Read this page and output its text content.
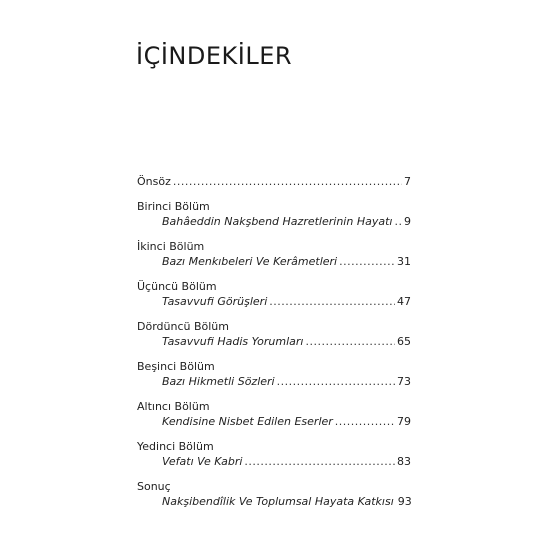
İÇİNDEKİLER
Önsöz .....	7
Birinci Bölüm
Bahâeddin Nakşbend Hazretlerinin Hayatı ..... 9
İkinci Bölüm
Bazı Menkıbeleri Ve Kerâmetleri .....	31
Üçüncü Bölüm
Tasavvufi Görüşleri .....	47
Dördüncü Bölüm
Tasavvufi Hadis Yorumları .....	65
Beşinci Bölüm
Bazı Hikmetli Sözleri .....	73
Altıncı Bölüm
Kendisine Nisbet Edilen Eserler .....	79
Yedinci Bölüm
Vefatı Ve Kabri .....	83
Sonuç
Nakşibendîlik Ve Toplumsal Hayata Katkısı 93
